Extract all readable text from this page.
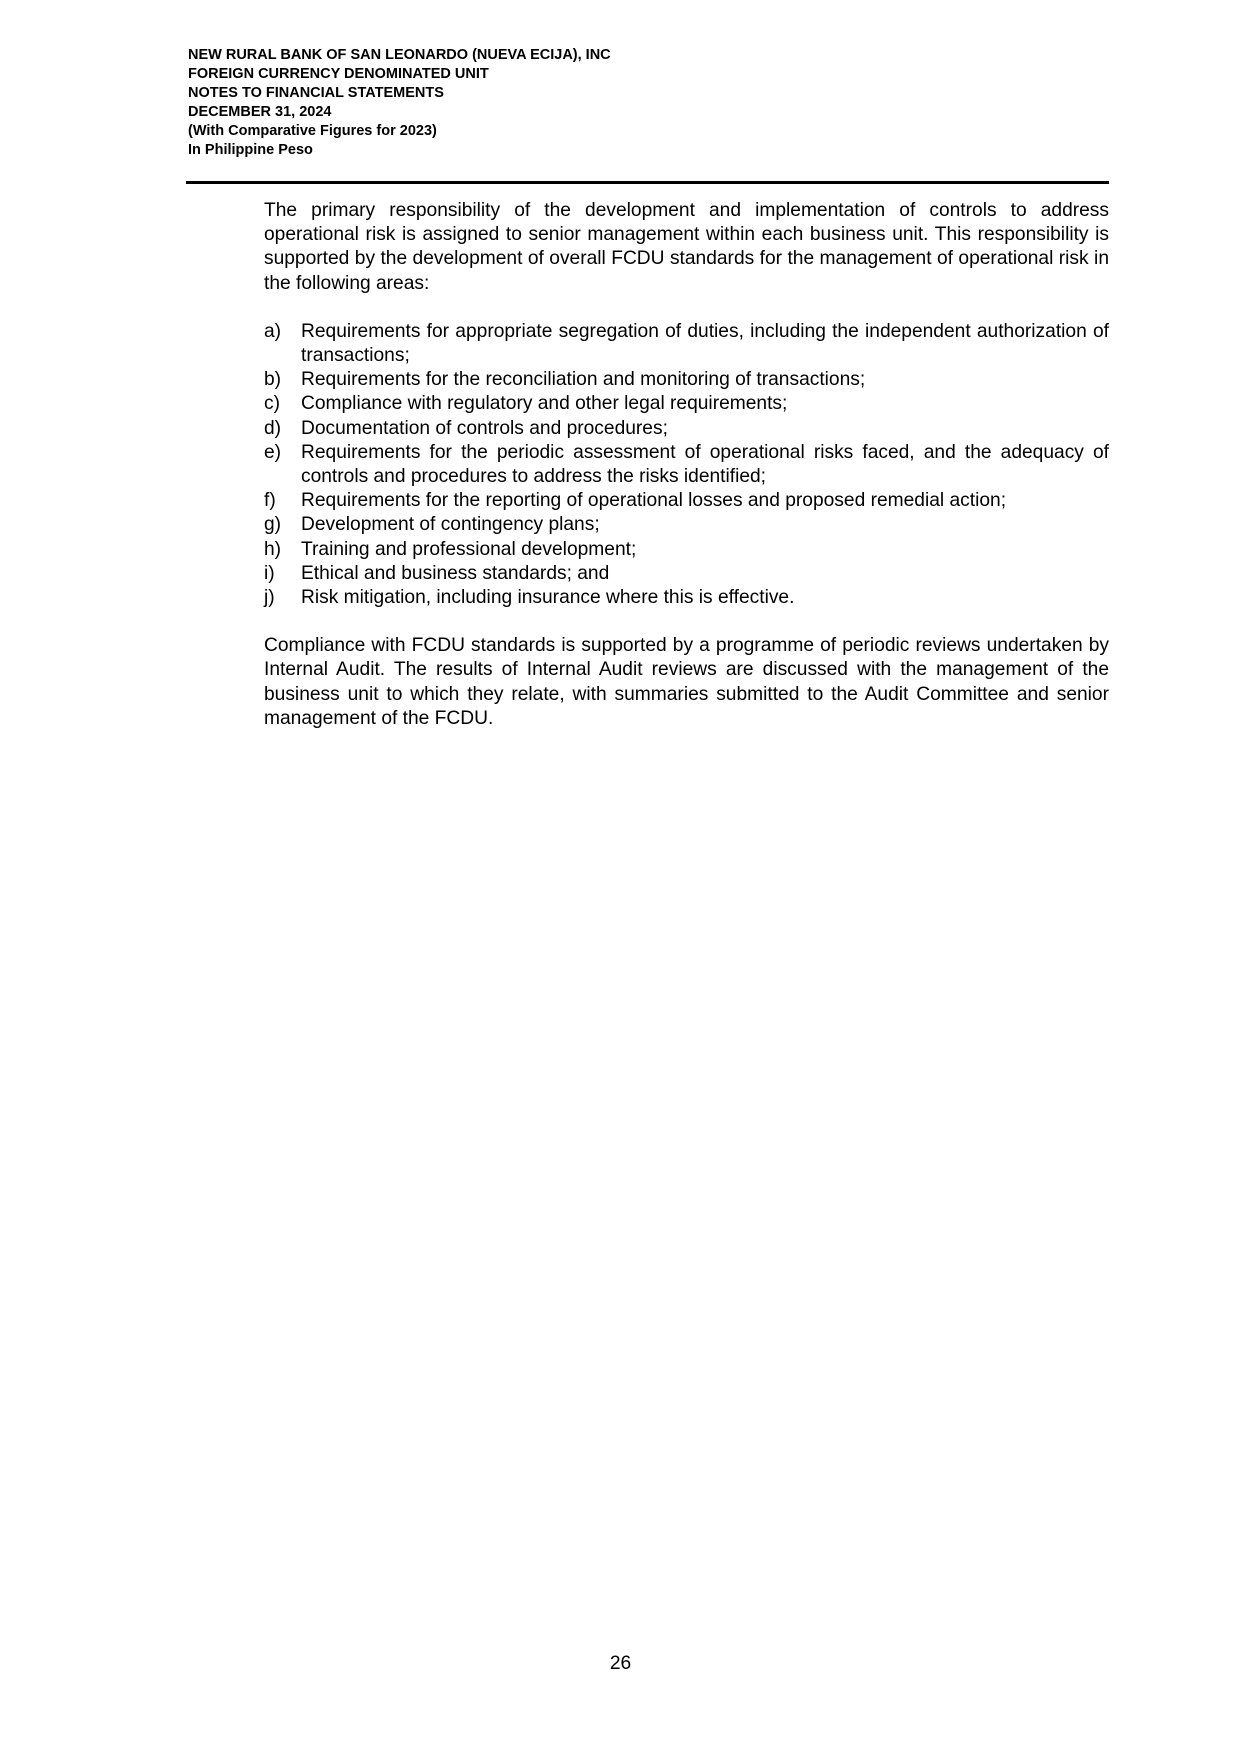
NEW RURAL BANK OF SAN LEONARDO (NUEVA ECIJA), INC
FOREIGN CURRENCY DENOMINATED UNIT
NOTES TO FINANCIAL STATEMENTS
DECEMBER 31, 2024
(With Comparative Figures for 2023)
In Philippine Peso

The primary responsibility of the development and implementation of controls to address operational risk is assigned to senior management within each business unit. This responsibility is supported by the development of overall FCDU standards for the management of operational risk in the following areas:

a)	Requirements for appropriate segregation of duties, including the independent authorization of transactions;
b)	Requirements for the reconciliation and monitoring of transactions;
c)	Compliance with regulatory and other legal requirements;
d)	Documentation of controls and procedures;
e)	Requirements for the periodic assessment of operational risks faced, and the adequacy of controls and procedures to address the risks identified;
f)	Requirements for the reporting of operational losses and proposed remedial action;
g)	Development of contingency plans;
h)	Training and professional development;
i)	Ethical and business standards; and
j)	Risk mitigation, including insurance where this is effective.

Compliance with FCDU standards is supported by a programme of periodic reviews undertaken by Internal Audit. The results of Internal Audit reviews are discussed with the management of the business unit to which they relate, with summaries submitted to the Audit Committee and senior management of the FCDU.

26
